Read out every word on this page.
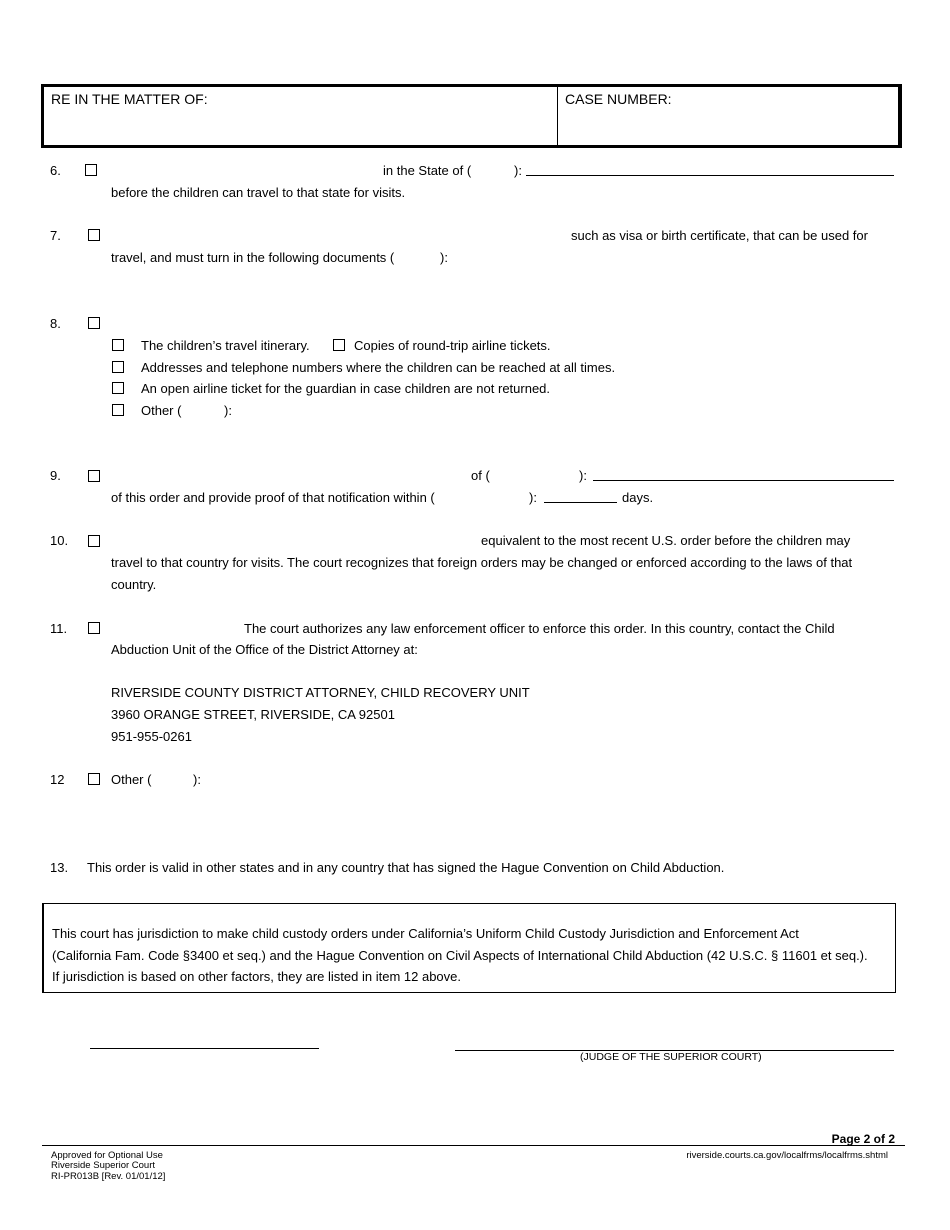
RE IN THE MATTER OF:	CASE NUMBER:
6.	in the State of (	):
before the children can travel to that state for visits.
7.	such as visa or birth certificate, that can be used for
travel, and must turn in the following documents (	):
8.
The children’s travel itinerary.	Copies of round-trip airline tickets.
Addresses and telephone numbers where the children can be reached at all times.
An open airline ticket for the guardian in case children are not returned.
Other (	):
9.	of (	):
of this order and provide proof of that notification within (	):	days.
10.	equivalent to the most recent U.S. order before the children may
travel to that country for visits. The court recognizes that foreign orders may be changed or enforced according to the laws of that
country.
11.	The court authorizes any law enforcement officer to enforce this order. In this country, contact the Child
Abduction Unit of the Office of the District Attorney at:
RIVERSIDE COUNTY DISTRICT ATTORNEY, CHILD RECOVERY UNIT
3960 ORANGE STREET, RIVERSIDE, CA 92501
951-955-0261
12	Other (	):
13. This order is valid in other states and in any country that has signed the Hague Convention on Child Abduction.
This court has jurisdiction to make child custody orders under California’s Uniform Child Custody Jurisdiction and Enforcement Act
(California Fam. Code §3400 et seq.) and the Hague Convention on Civil Aspects of International Child Abduction (42 U.S.C. § 11601 et seq.).
If jurisdiction is based on other factors, they are listed in item 12 above.
(JUDGE OF THE SUPERIOR COURT)
Page 2 of 2
Approved for Optional Use
Riverside Superior Court
RI-PR013B [Rev. 01/01/12]
riverside.courts.ca.gov/localfrms/localfrms.shtml
